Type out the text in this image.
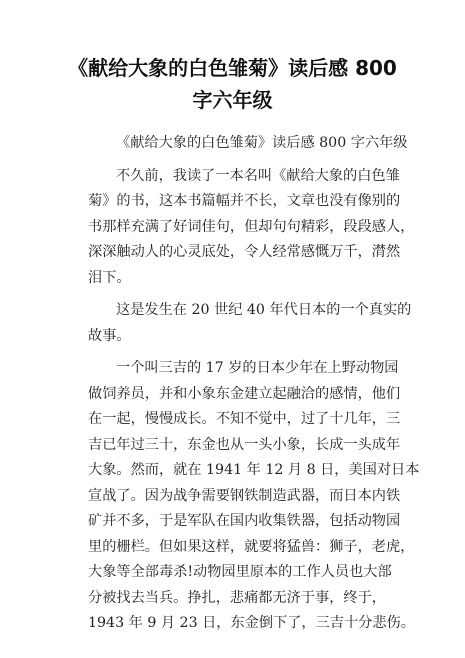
《献给大象的白色雏菊》读后感 800
字六年级

《献给大象的白色雏菊》读后感 800 字六年级

不久前，我读了一本名叫《献给大象的白色雏
菊》的书，这本书篇幅并不长，文章也没有像别的
书那样充满了好词佳句，但却句句精彩，段段感人，
深深触动人的心灵底处，令人经常感慨万千，潸然
泪下。

这是发生在 20 世纪 40 年代日本的一个真实的
故事。

一个叫三吉的 17 岁的日本少年在上野动物园
做饲养员，并和小象东金建立起融洽的感情，他们
在一起，慢慢成长。不知不觉中，过了十几年，三
吉已年过三十，东金也从一头小象，长成一头成年
大象。然而，就在 1941 年 12 月 8 日，美国对日本
宣战了。因为战争需要钢铁制造武器，而日本内铁
矿并不多，于是军队在国内收集铁器，包括动物园
里的栅栏。但如果这样，就要将猛兽：狮子，老虎，
大象等全部毒杀!动物园里原本的工作人员也大部
分被找去当兵。挣扎，悲痛都无济于事，终于，
1943 年 9 月 23 日，东金倒下了，三吉十分悲伤。
